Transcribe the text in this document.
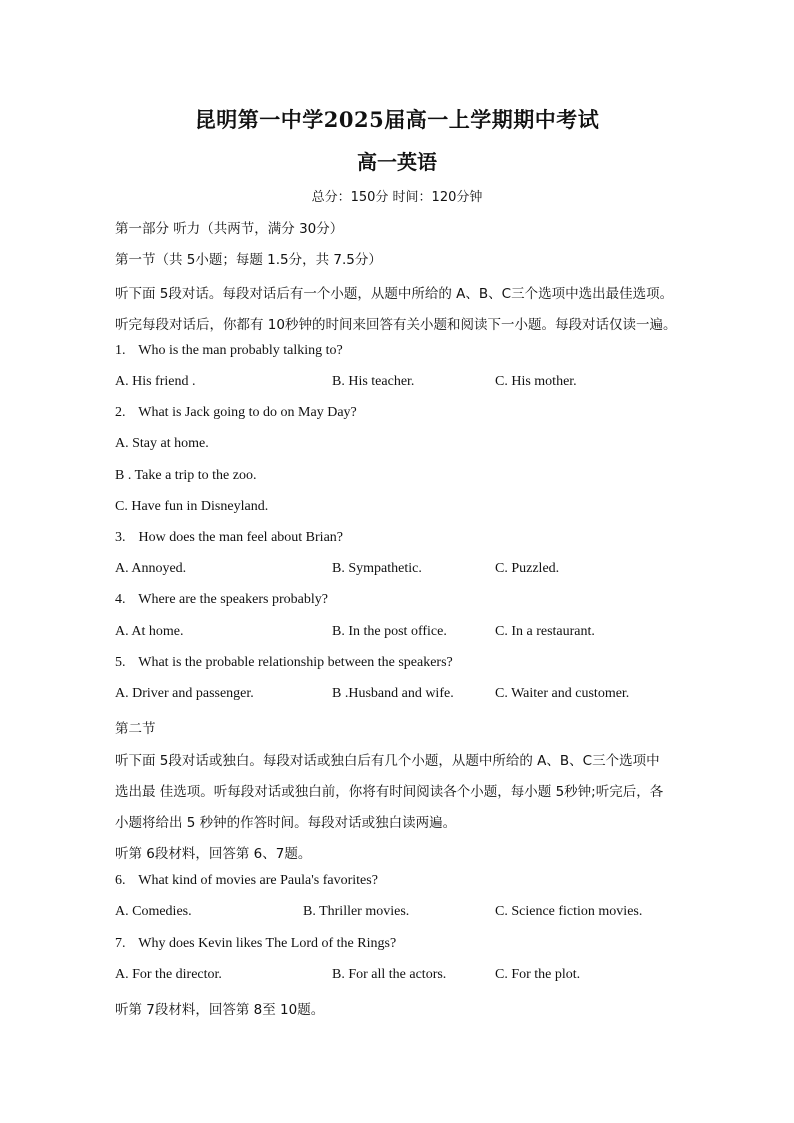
昆明第一中学2025届高一上学期期中考试
高一英语
总分：150分 时间：120分钟
第一部分 听力（共两节，满分 30分）
第一节（共 5小题；每题 1.5分，共 7.5分）
听下面 5段对话。每段对话后有一个小题，从题中所给的 A、B、C三个选项中选出最佳选项。
听完每段对话后，你都有 10秒钟的时间来回答有关小题和阅读下一小题。每段对话仅读一遍。
1. Who is the man probably talking to?
A. His friend .	B. His teacher.	C. His mother.
2. What is Jack going to do on May Day?
A. Stay at home.
B . Take a trip to the zoo.
C. Have fun in Disneyland.
3. How does the man feel about Brian?
A. Annoyed.	B. Sympathetic.	C. Puzzled.
4. Where are the speakers probably?
A. At home.	B. In the post office.	C. In a restaurant.
5. What is the probable relationship between the speakers?
A. Driver and passenger.	B .Husband and wife.	C. Waiter and customer.
第二节
听下面 5段对话或独白。每段对话或独白后有几个小题，从题中所给的 A、B、C三个选项中
选出最 佳选项。听每段对话或独白前，你将有时间阅读各个小题，每小题 5秒钟;听完后，各
小题将给出 5 秒钟的作答时间。每段对话或独白读两遍。
听第 6段材料，回答第 6、7题。
6. What kind of movies are Paula's favorites?
A. Comedies.	B. Thriller movies.	C. Science fiction movies.
7. Why does Kevin likes The Lord of the Rings?
A. For the director.	B. For all the actors.	C. For the plot.
听第 7段材料，回答第 8至 10题。
